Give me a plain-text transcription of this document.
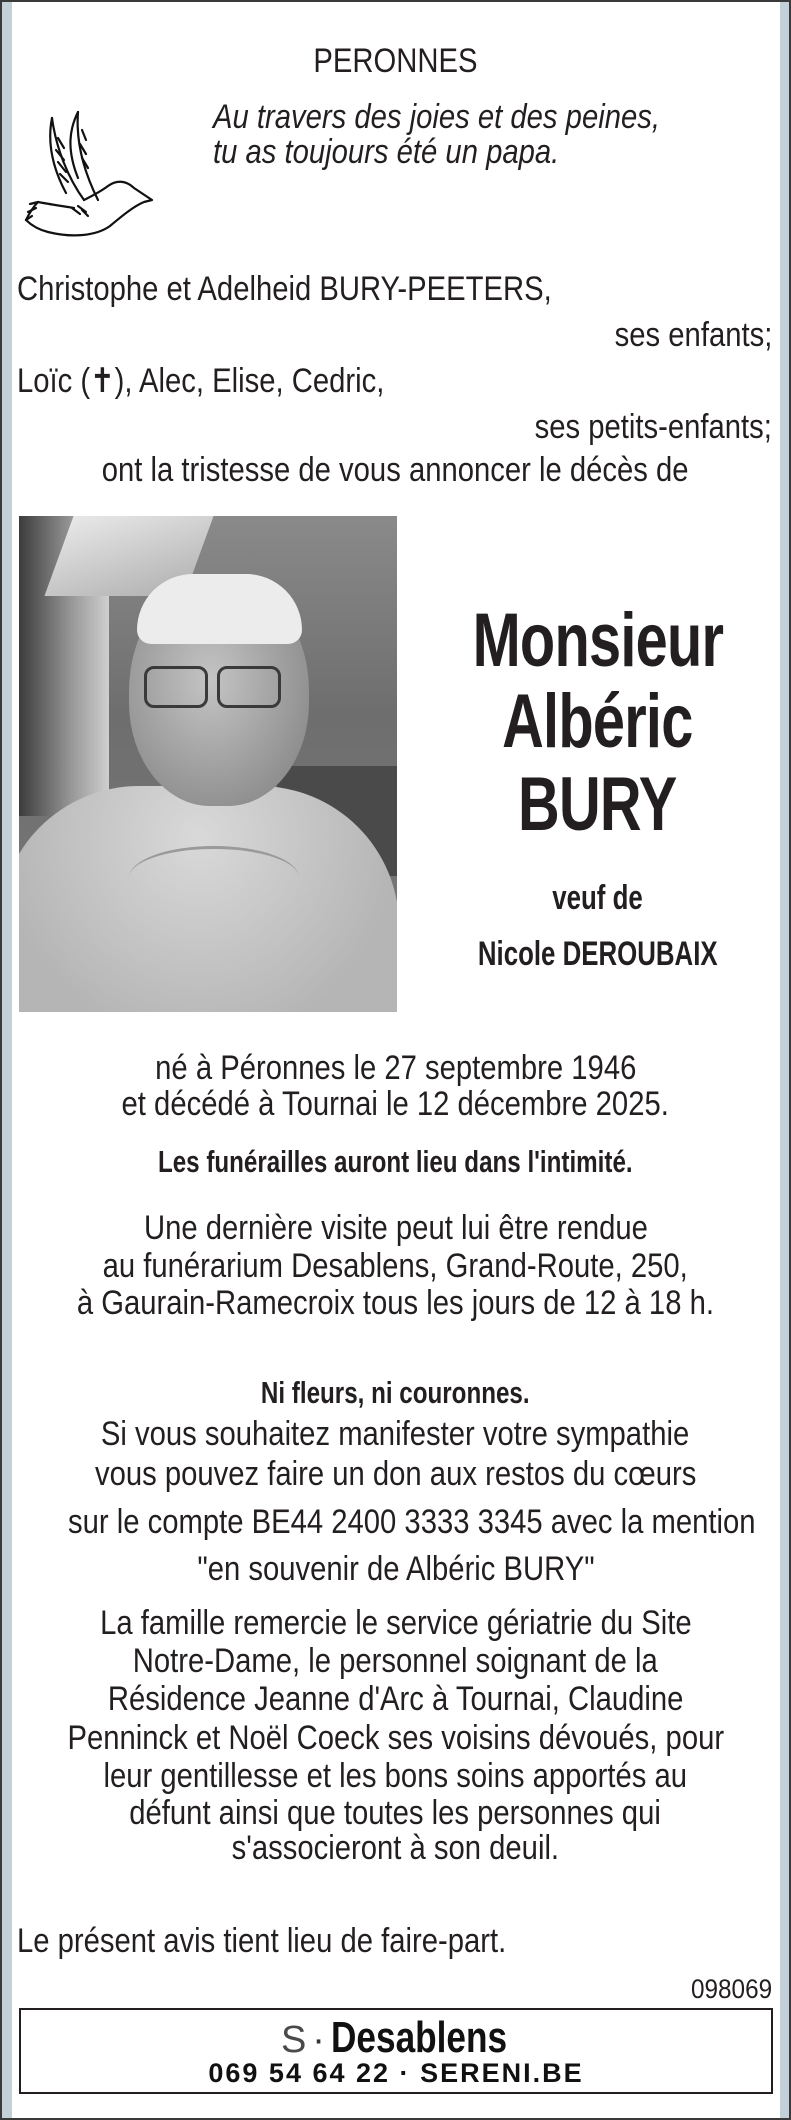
PERONNES
Au travers des joies et des peines,
tu as toujours été un papa.
Christophe et Adelheid BURY-PEETERS,
ses enfants;
Loïc (✝), Alec, Elise, Cedric,
ses petits-enfants;
ont la tristesse de vous annoncer le décès de
Monsieur
Albéric
BURY
veuf de
Nicole DEROUBAIX
né à Péronnes le 27 septembre 1946
et décédé à Tournai le 12 décembre 2025.
Les funérailles auront lieu dans l'intimité.
Une dernière visite peut lui être rendue
au funérarium Desablens, Grand-Route, 250,
à Gaurain-Ramecroix tous les jours de 12 à 18 h.
Ni fleurs, ni couronnes.
Si vous souhaitez manifester votre sympathie
vous pouvez faire un don aux restos du cœurs
sur le compte BE44 2400 3333 3345 avec la mention
"en souvenir de Albéric BURY"
La famille remercie le service gériatrie du Site
Notre-Dame, le personnel soignant de la
Résidence Jeanne d'Arc à Tournai, Claudine
Penninck et Noël Coeck ses voisins dévoués, pour
leur gentillesse et les bons soins apportés au
défunt ainsi que toutes les personnes qui
s'associeront à son deuil.
Le présent avis tient lieu de faire-part.
098069
S · Desablens
069 54 64 22 · SERENI.BE
